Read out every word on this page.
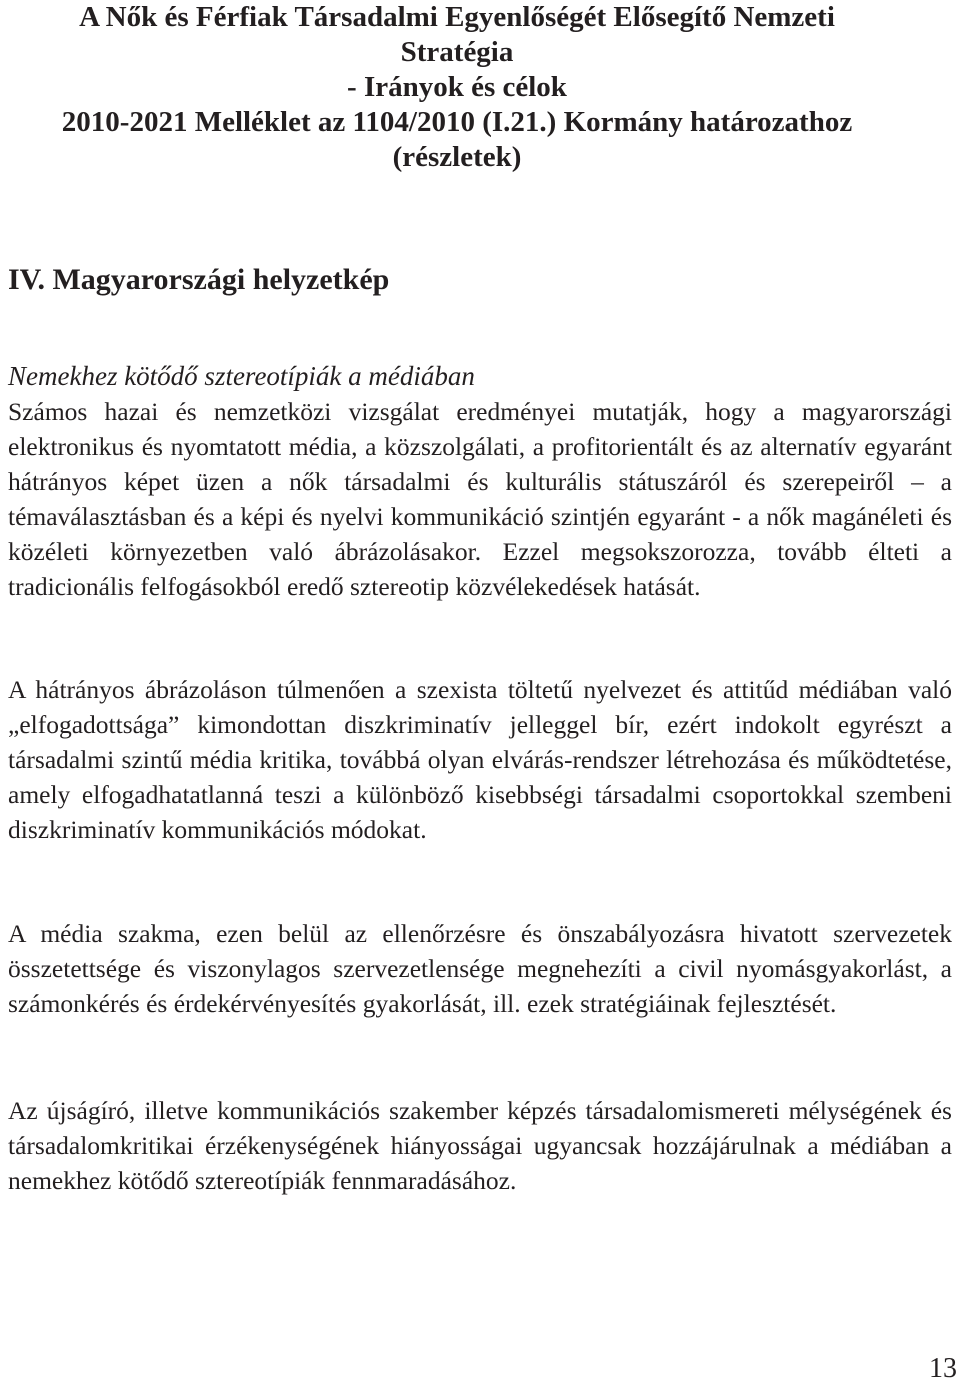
A Nők és Férfiak Társadalmi Egyenlőségét Elősegítő Nemzeti
Stratégia
- Irányok és célok
2010-2021 Melléklet az 1104/2010 (I.21.) Kormány határozathoz
(részletek)
IV. Magyarországi helyzetkép
Nemekhez kötődő sztereotípiák a médiában

Számos hazai és nemzetközi vizsgálat eredményei mutatják, hogy a magyarországi elektronikus és nyomtatott média, a közszolgálati, a profitorientált és az alternatív egyaránt hátrányos képet üzen a nők társadalmi és kulturális státuszáról és szerepeiről – a témaválasztásban és a képi és nyelvi kommunikáció szintjén egyaránt - a nők magánéleti és közéleti környezetben való ábrázolásakor. Ezzel megsokszorozza, tovább élteti a tradicionális felfogásokból eredő sztereotip közvélekedések hatását.

A hátrányos ábrázoláson túlmenően a szexista töltetű nyelvezet és attitűd médiában való „elfogadottsága” kimondottan diszkriminatív jelleggel bír, ezért indokolt egyrészt a társadalmi szintű média kritika, továbbá olyan elvárás-rendszer létrehozása és működtetése, amely elfogadhatatlanná teszi a különböző kisebbségi társadalmi csoportokkal szembeni diszkriminatív kommunikációs módokat.

A média szakma, ezen belül az ellenőrzésre és önszabályozásra hivatott szervezetek összetettsége és viszonylagos szervezetlensége megnehezíti a civil nyomásgyakorlást, a számonkérés és érdekérvényesítés gyakorlását, ill. ezek stratégiáinak fejlesztését.

Az újságíró, illetve kommunikációs szakember képzés társadalomismereti mélységének és társadalomkritikai érzékenységének hiányosságai ugyancsak hozzájárulnak a médiában a nemekhez kötődő sztereotípiák fennmaradásához.

13
